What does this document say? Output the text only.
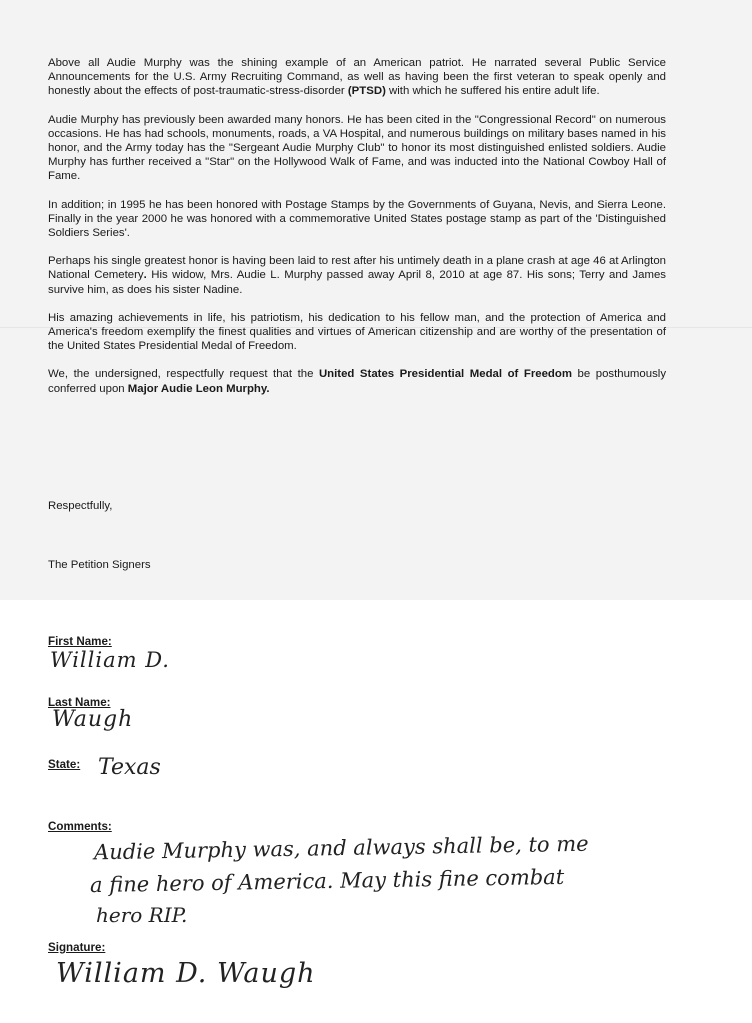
Above all Audie Murphy was the shining example of an American patriot. He narrated several Public Service Announcements for the U.S. Army Recruiting Command, as well as having been the first veteran to speak openly and honestly about the effects of post-traumatic-stress-disorder (PTSD) with which he suffered his entire adult life.

Audie Murphy has previously been awarded many honors. He has been cited in the "Congressional Record" on numerous occasions. He has had schools, monuments, roads, a VA Hospital, and numerous buildings on military bases named in his honor, and the Army today has the "Sergeant Audie Murphy Club" to honor its most distinguished enlisted soldiers. Audie Murphy has further received a "Star" on the Hollywood Walk of Fame, and was inducted into the National Cowboy Hall of Fame.

In addition; in 1995 he has been honored with Postage Stamps by the Governments of Guyana, Nevis, and Sierra Leone. Finally in the year 2000 he was honored with a commemorative United States postage stamp as part of the 'Distinguished Soldiers Series'.

Perhaps his single greatest honor is having been laid to rest after his untimely death in a plane crash at age 46 at Arlington National Cemetery. His widow, Mrs. Audie L. Murphy passed away April 8, 2010 at age 87. His sons; Terry and James survive him, as does his sister Nadine.

His amazing achievements in life, his patriotism, his dedication to his fellow man, and the protection of America and America's freedom exemplify the finest qualities and virtues of American citizenship and are worthy of the presentation of the United States Presidential Medal of Freedom.

We, the undersigned, respectfully request that the United States Presidential Medal of Freedom be posthumously conferred upon Major Audie Leon Murphy.

Respectfully,
The Petition Signers
First Name:
William D.
Last Name:
Waugh
State: Texas
Comments:
Audie Murphy was, and always shall be, to me
a fine hero of America. May this fine combat
hero RIP.
Signature:
William D. Waugh
